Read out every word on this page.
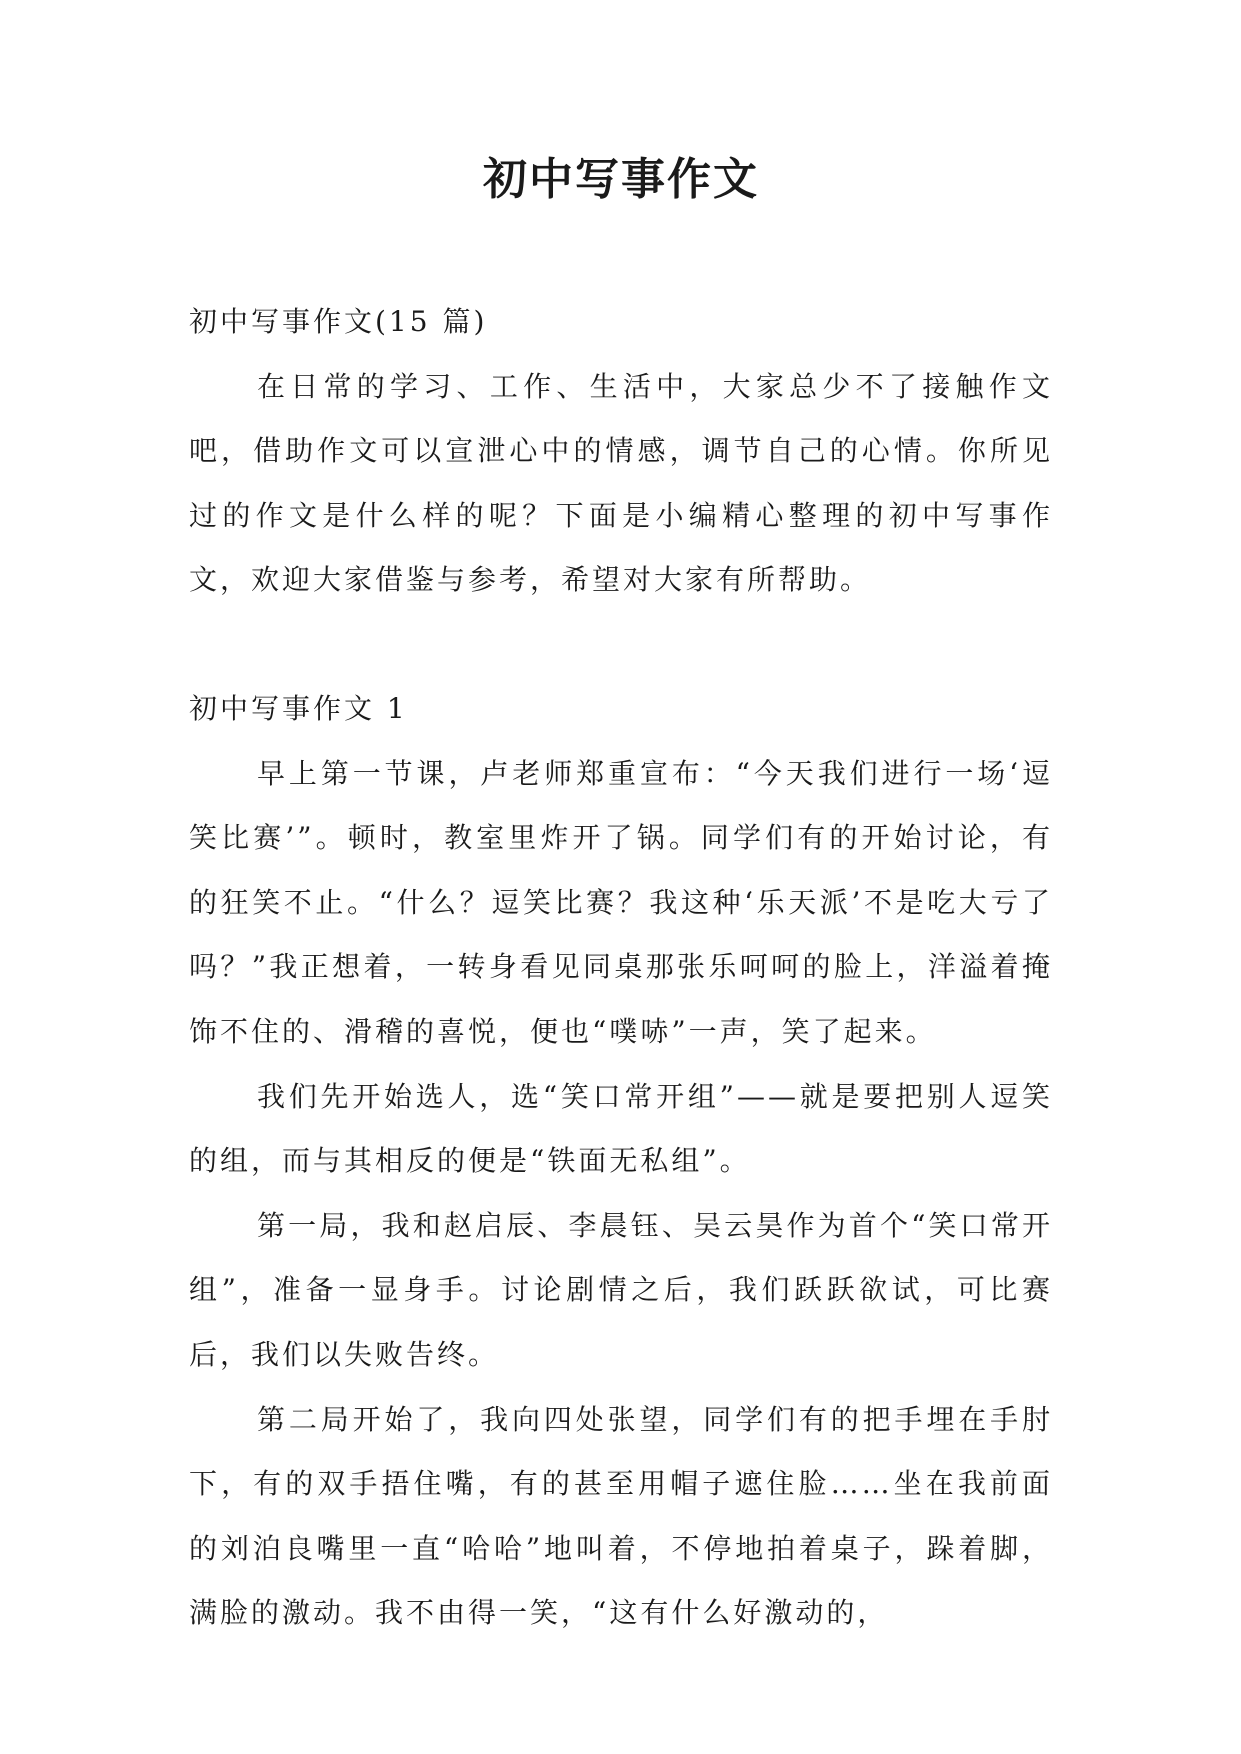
初中写事作文

初中写事作文(15 篇)

在日常的学习、工作、生活中，大家总少不了接触作文吧，借助作文可以宣泄心中的情感，调节自己的心情。你所见过的作文是什么样的呢？下面是小编精心整理的初中写事作文，欢迎大家借鉴与参考，希望对大家有所帮助。

初中写事作文 1

早上第一节课，卢老师郑重宣布：“今天我们进行一场‘逗笑比赛’”。顿时，教室里炸开了锅。同学们有的开始讨论，有的狂笑不止。“什么？逗笑比赛？我这种‘乐天派’不是吃大亏了吗？”我正想着，一转身看见同桌那张乐呵呵的脸上，洋溢着掩饰不住的、滑稽的喜悦，便也“噗哧”一声，笑了起来。

我们先开始选人，选“笑口常开组”——就是要把别人逗笑的组，而与其相反的便是“铁面无私组”。

第一局，我和赵启辰、李晨钰、吴云昊作为首个“笑口常开组”，准备一显身手。讨论剧情之后，我们跃跃欲试，可比赛后，我们以失败告终。

第二局开始了，我向四处张望，同学们有的把手埋在手肘下，有的双手捂住嘴，有的甚至用帽子遮住脸……坐在我前面的刘泊良嘴里一直“哈哈”地叫着，不停地拍着桌子，跺着脚，满脸的激动。我不由得一笑，“这有什么好激动的，
